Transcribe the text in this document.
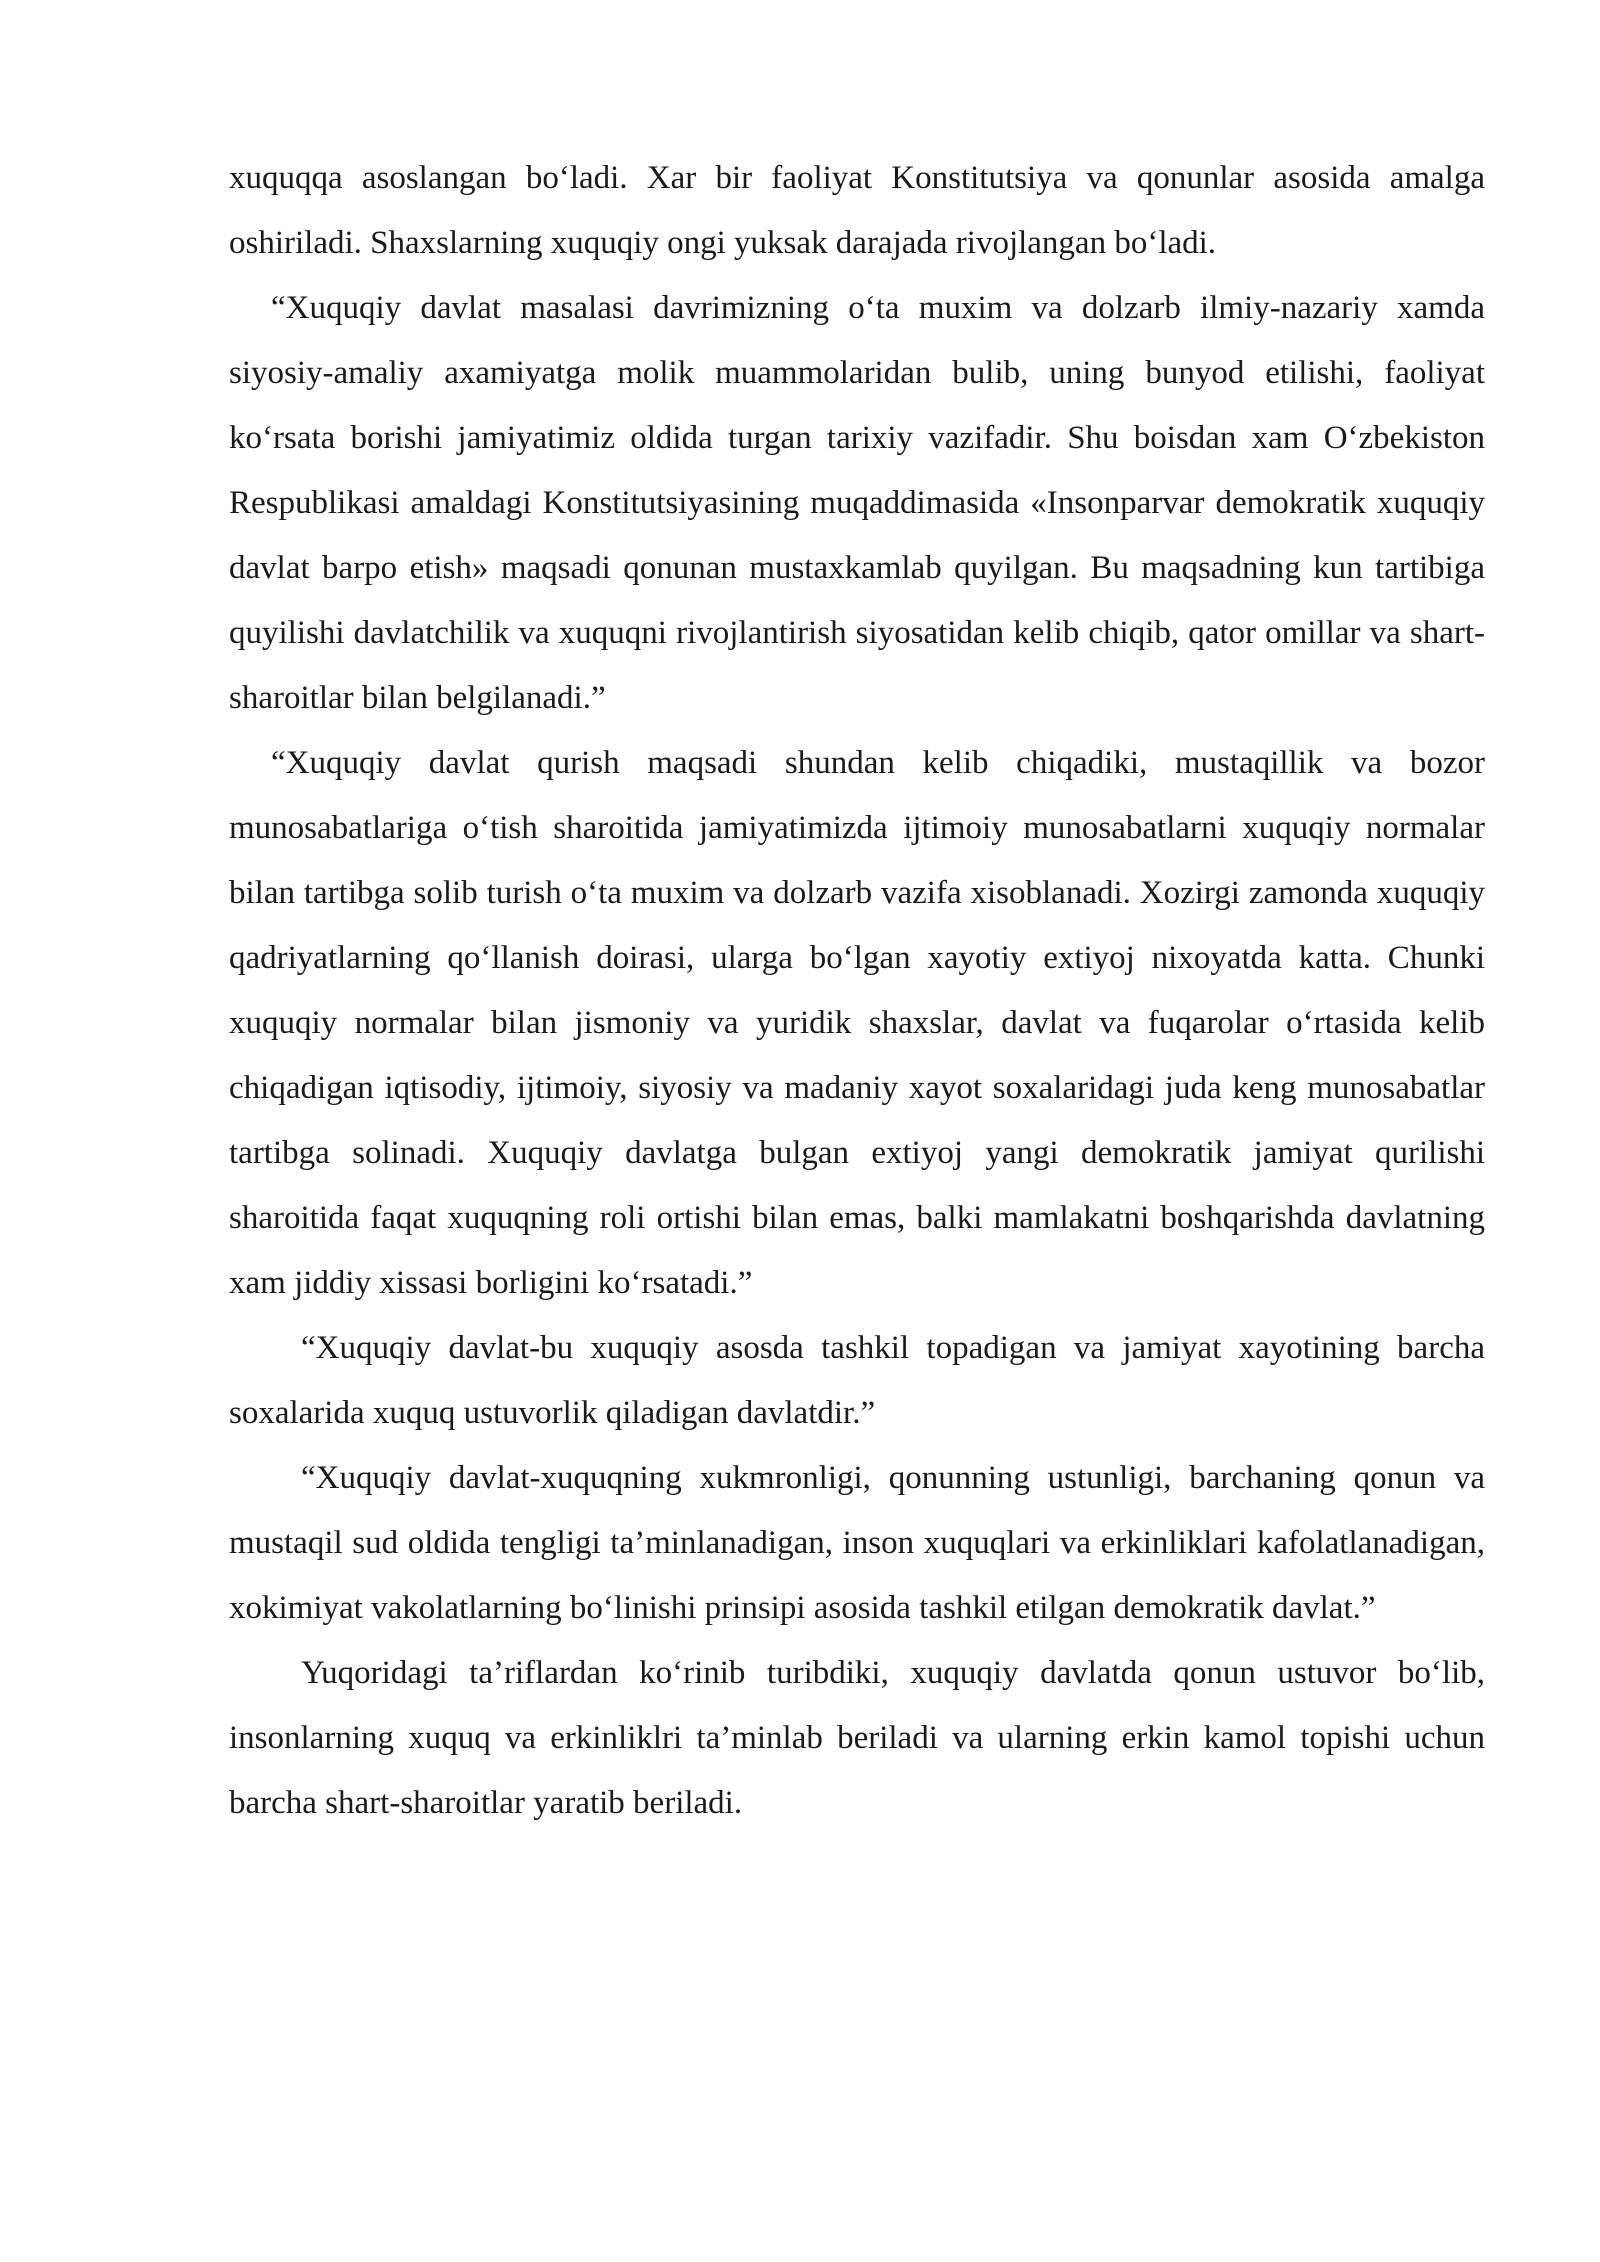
xuquqqa asoslangan bo‘ladi. Xar bir faoliyat Konstitutsiya va qonunlar asosida amalga oshiriladi. Shaxslarning xuquqiy ongi yuksak darajada rivojlangan bo‘ladi.

“Xuquqiy davlat masalasi davrimizning o‘ta muxim va dolzarb ilmiy-nazariy xamda siyosiy-amaliy axamiyatga molik muammolaridan bulib, uning bunyod etilishi, faoliyat ko‘rsata borishi jamiyatimiz oldida turgan tarixiy vazifadir. Shu boisdan xam O‘zbekiston Respublikasi amaldagi Konstitutsiyasining muqaddimasida «Insonparvar demokratik xuquqiy davlat barpo etish» maqsadi qonunan mustaxkamlab quyilgan. Bu maqsadning kun tartibiga quyilishi davlatchilik va xuquqni rivojlantirish siyosatidan kelib chiqib, qator omillar va shart-sharoitlar bilan belgilanadi.”

“Xuquqiy davlat qurish maqsadi shundan kelib chiqadiki, mustaqillik va bozor munosabatlariga o‘tish sharoitida jamiyatimizda ijtimoiy munosabatlarni xuquqiy normalar bilan tartibga solib turish o‘ta muxim va dolzarb vazifa xisoblanadi. Xozirgi zamonda xuquqiy qadriyatlarning qo‘llanish doirasi, ularga bo‘lgan xayotiy extiyoj nixoyatda katta. Chunki xuquqiy normalar bilan jismoniy va yuridik shaxslar, davlat va fuqarolar o‘rtasida kelib chiqadigan iqtisodiy, ijtimoiy, siyosiy va madaniy xayot soxalaridagi juda keng munosabatlar tartibga solinadi. Xuquqiy davlatga bulgan extiyoj yangi demokratik jamiyat qurilishi sharoitida faqat xuquqning roli ortishi bilan emas, balki mamlakatni boshqarishda davlatning xam jiddiy xissasi borligini ko‘rsatadi.”

“Xuquqiy davlat-bu xuquqiy asosda tashkil topadigan va jamiyat xayotining barcha soxalarida xuquq ustuvorlik qiladigan davlatdir.”

“Xuquqiy davlat-xuquqning xukmronligi, qonunning ustunligi, barchaning qonun va mustaqil sud oldida tengligi ta’minlanadigan, inson xuquqlari va erkinliklari kafolatlanadigan, xokimiyat vakolatlarning bo‘linishi prinsipi asosida tashkil etilgan demokratik davlat.”

Yuqoridagi ta’riflardan ko‘rinib turibdiki, xuquqiy davlatda qonun ustuvor bo‘lib, insonlarning xuquq va erkinliklri ta’minlab beriladi va ularning erkin kamol topishi uchun barcha shart-sharoitlar yaratib beriladi.
